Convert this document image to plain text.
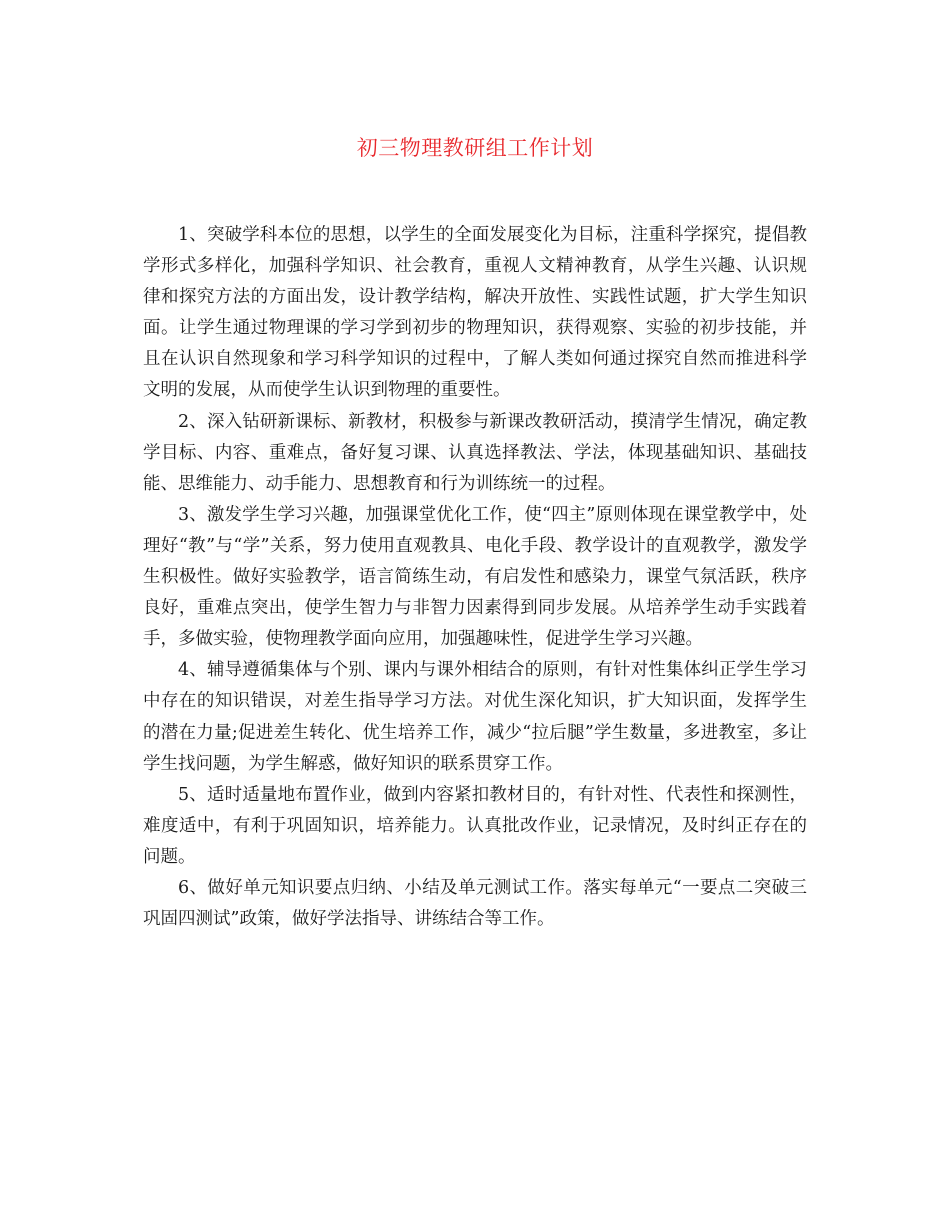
初三物理教研组工作计划

1、突破学科本位的思想，以学生的全面发展变化为目标，注重科学探究，提倡教学形式多样化，加强科学知识、社会教育，重视人文精神教育，从学生兴趣、认识规律和探究方法的方面出发，设计教学结构，解决开放性、实践性试题，扩大学生知识面。让学生通过物理课的学习学到初步的物理知识，获得观察、实验的初步技能，并且在认识自然现象和学习科学知识的过程中，了解人类如何通过探究自然而推进科学文明的发展，从而使学生认识到物理的重要性。

2、深入钻研新课标、新教材，积极参与新课改教研活动，摸清学生情况，确定教学目标、内容、重难点，备好复习课、认真选择教法、学法，体现基础知识、基础技能、思维能力、动手能力、思想教育和行为训练统一的过程。

3、激发学生学习兴趣，加强课堂优化工作，使“四主”原则体现在课堂教学中，处理好“教”与“学”关系，努力使用直观教具、电化手段、教学设计的直观教学，激发学生积极性。做好实验教学，语言简练生动，有启发性和感染力，课堂气氛活跃，秩序良好，重难点突出，使学生智力与非智力因素得到同步发展。从培养学生动手实践着手，多做实验，使物理教学面向应用，加强趣味性，促进学生学习兴趣。

4、辅导遵循集体与个别、课内与课外相结合的原则，有针对性集体纠正学生学习中存在的知识错误，对差生指导学习方法。对优生深化知识，扩大知识面，发挥学生的潜在力量;促进差生转化、优生培养工作，减少“拉后腿”学生数量，多进教室，多让学生找问题，为学生解惑，做好知识的联系贯穿工作。

5、适时适量地布置作业，做到内容紧扣教材目的，有针对性、代表性和探测性，难度适中，有利于巩固知识，培养能力。认真批改作业，记录情况，及时纠正存在的问题。

6、做好单元知识要点归纳、小结及单元测试工作。落实每单元“一要点二突破三巩固四测试”政策，做好学法指导、讲练结合等工作。
